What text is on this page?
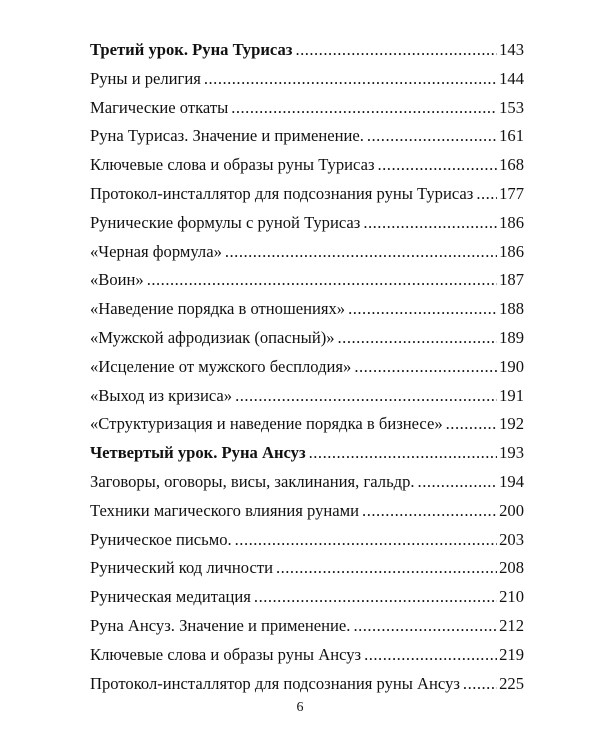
Третий урок. Руна Турисаз .....	143
Руны и религия .....	144
Магические откаты .....	153
Руна Турисаз. Значение и применение. .....	161
Ключевые слова и образы руны Турисаз .....	168
Протокол-инсталлятор для подсознания руны Турисаз ..... 177
Рунические формулы с руной Турисаз .....	186
«Черная формула» .....	186
«Воин» .....	187
«Наведение порядка в отношениях» .....	188
«Мужской афродизиак (опасный)» .....	189
«Исцеление от мужского бесплодия» .....	190
«Выход из кризиса» .....	191
«Структуризация и наведение порядка в бизнесе» .....	192
Четвертый урок. Руна Ансуз .....	193
Заговоры, оговоры, висы, заклинания, гальдр. .....	194
Техники магического влияния рунами .....	200
Руническое письмо. .....	203
Рунический код личности .....	208
Руническая медитация .....	210
Руна Ансуз. Значение и применение. .....	212
Ключевые слова и образы руны Ансуз .....	219
Протокол-инсталлятор для подсознания руны Ансуз ..... 225
6
